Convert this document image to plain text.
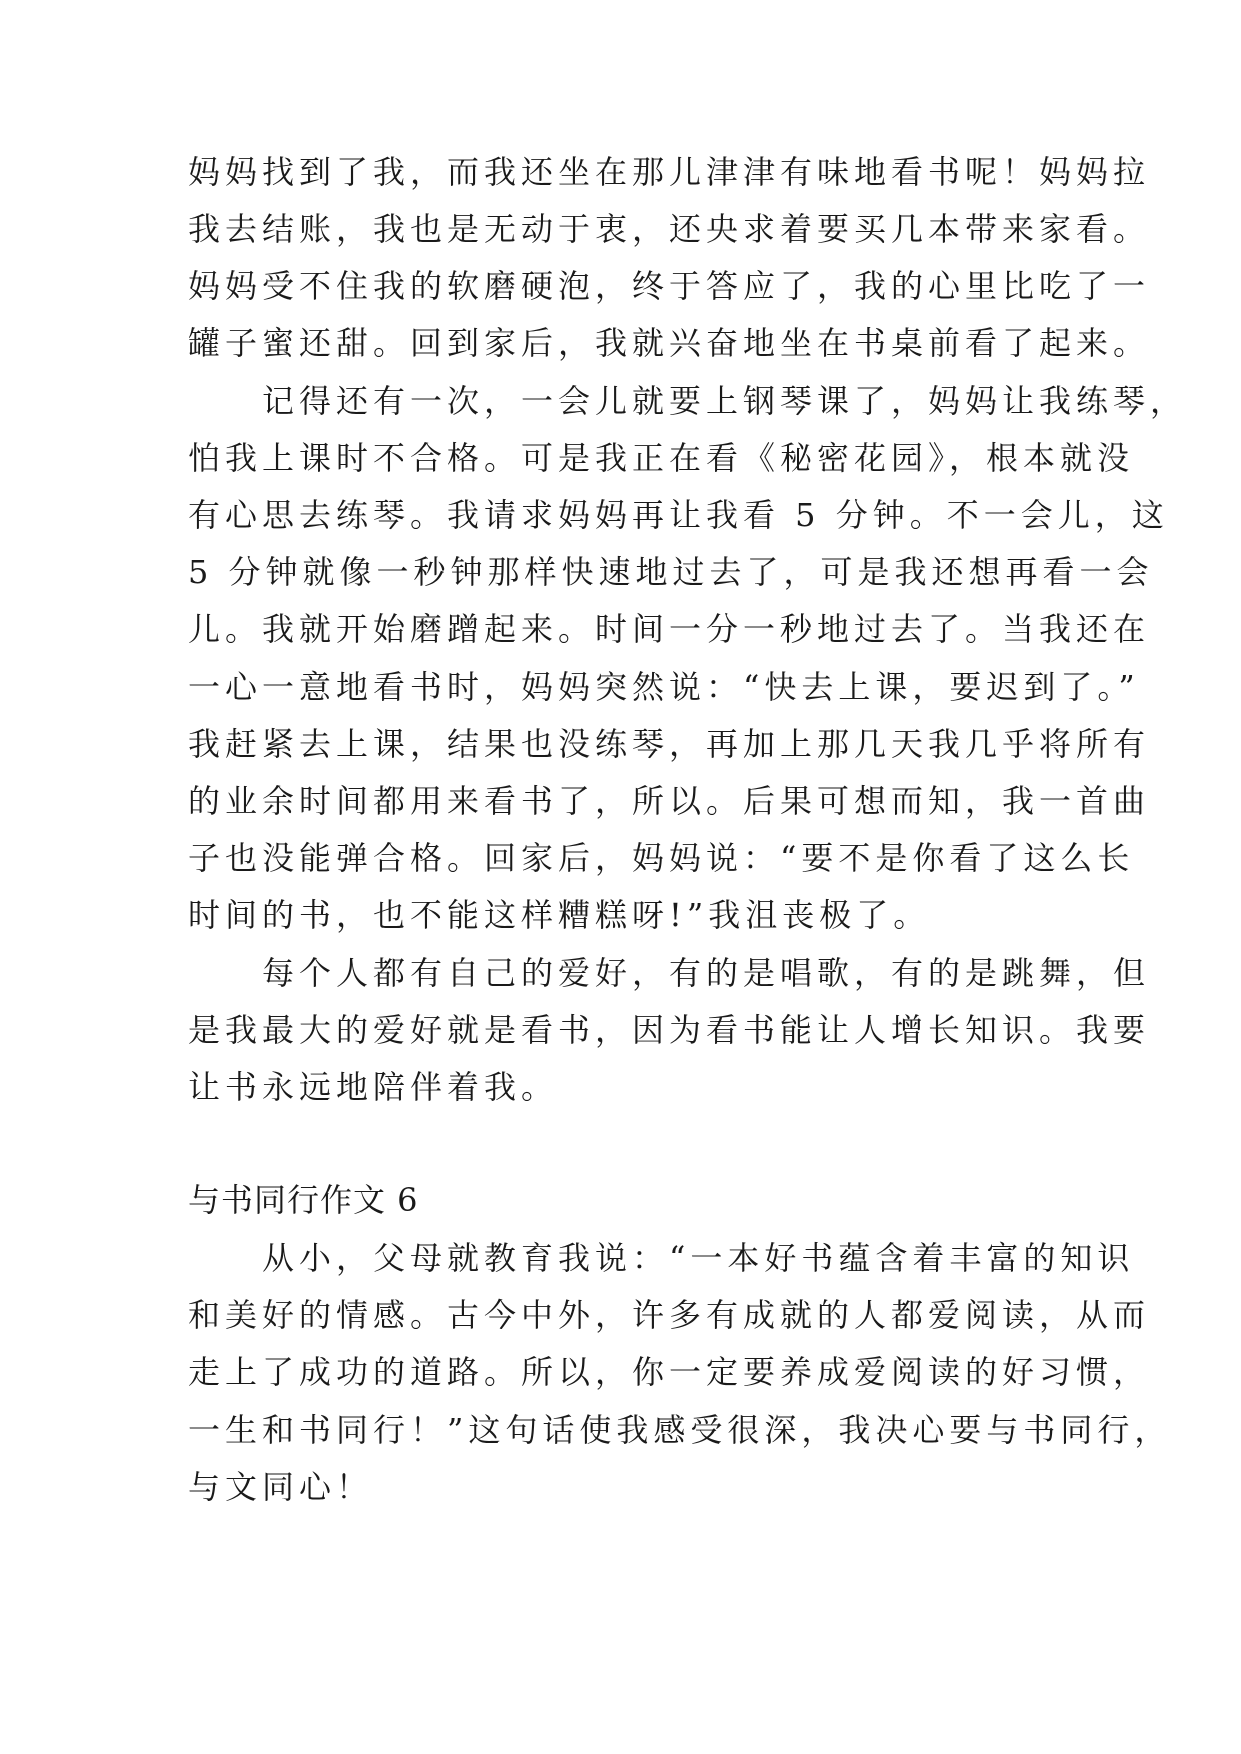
妈妈找到了我，而我还坐在那儿津津有味地看书呢！妈妈拉
我去结账，我也是无动于衷，还央求着要买几本带来家看。
妈妈受不住我的软磨硬泡，终于答应了，我的心里比吃了一
罐子蜜还甜。回到家后，我就兴奋地坐在书桌前看了起来。
　　记得还有一次，一会儿就要上钢琴课了，妈妈让我练琴，
怕我上课时不合格。可是我正在看《秘密花园》，根本就没
有心思去练琴。我请求妈妈再让我看 5 分钟。不一会儿，这
5 分钟就像一秒钟那样快速地过去了，可是我还想再看一会
儿。我就开始磨蹭起来。时间一分一秒地过去了。当我还在
一心一意地看书时，妈妈突然说：“快去上课，要迟到了。”
我赶紧去上课，结果也没练琴，再加上那几天我几乎将所有
的业余时间都用来看书了，所以。后果可想而知，我一首曲
子也没能弹合格。回家后，妈妈说：“要不是你看了这么长
时间的书，也不能这样糟糕呀!”我沮丧极了。
　　每个人都有自己的爱好，有的是唱歌，有的是跳舞，但
是我最大的爱好就是看书，因为看书能让人增长知识。我要
让书永远地陪伴着我。
与书同行作文 6
　　从小，父母就教育我说：“一本好书蕴含着丰富的知识
和美好的情感。古今中外，许多有成就的人都爱阅读，从而
走上了成功的道路。所以，你一定要养成爱阅读的好习惯，
一生和书同行！”这句话使我感受很深，我决心要与书同行，
与文同心！
